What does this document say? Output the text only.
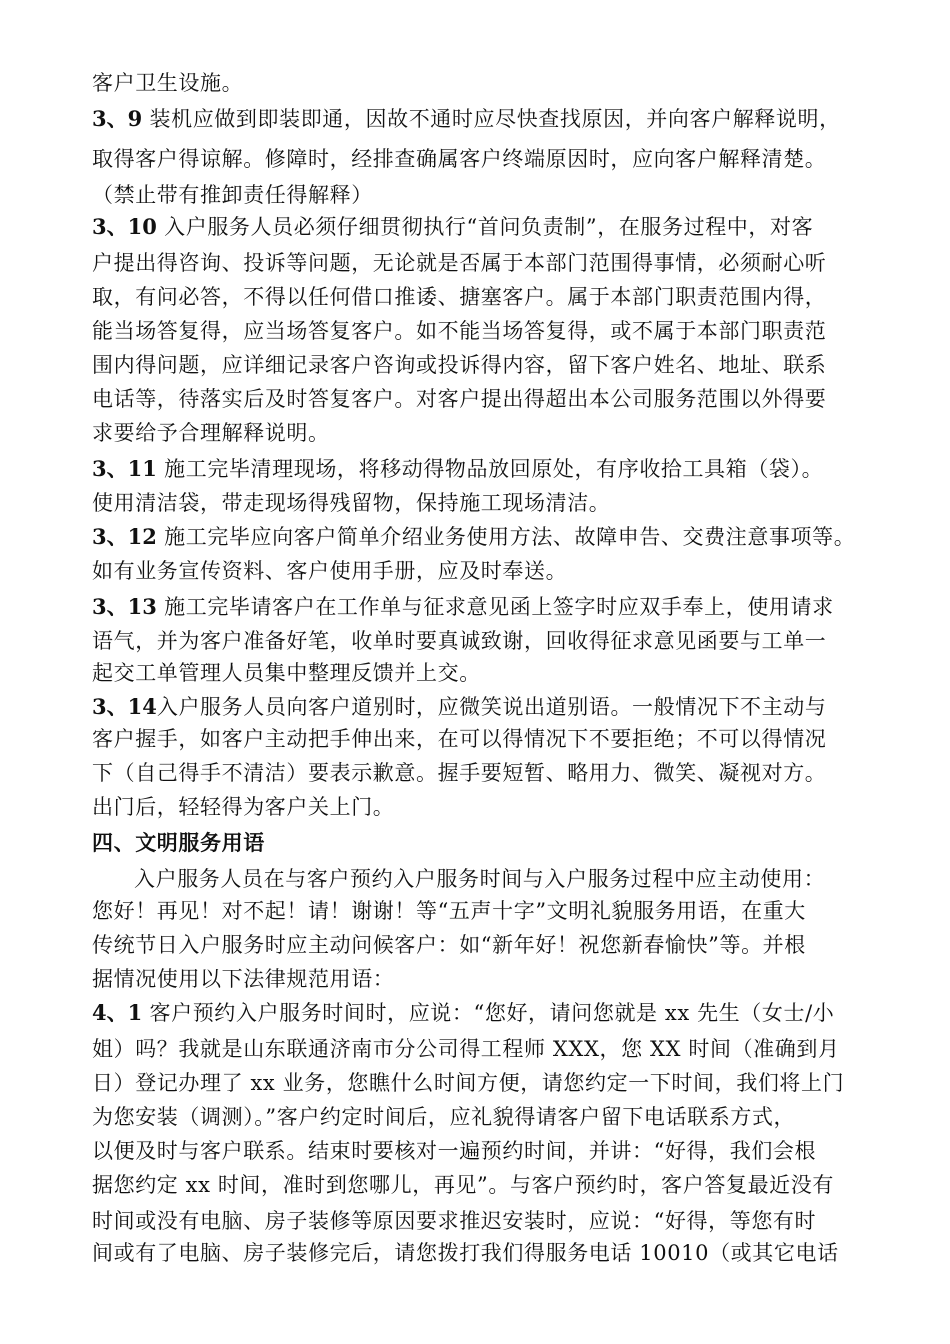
客户卫生设施。
3、9 装机应做到即装即通，因故不通时应尽快查找原因，并向客户解释说明，
取得客户得谅解。修障时，经排查确属客户终端原因时，应向客户解释清楚。
（禁止带有推卸责任得解释）
3、10 入户服务人员必须仔细贯彻执行“首问负责制”，在服务过程中，对客
户提出得咨询、投诉等问题，无论就是否属于本部门范围得事情，必须耐心听
取，有问必答，不得以任何借口推诿、搪塞客户。属于本部门职责范围内得，
能当场答复得，应当场答复客户。如不能当场答复得，或不属于本部门职责范
围内得问题，应详细记录客户咨询或投诉得内容，留下客户姓名、地址、联系
电话等，待落实后及时答复客户。对客户提出得超出本公司服务范围以外得要
求要给予合理解释说明。
3、11 施工完毕清理现场，将移动得物品放回原处，有序收拾工具箱（袋）。
使用清洁袋，带走现场得残留物，保持施工现场清洁。
3、12 施工完毕应向客户简单介绍业务使用方法、故障申告、交费注意事项等。
如有业务宣传资料、客户使用手册，应及时奉送。
3、13 施工完毕请客户在工作单与征求意见函上签字时应双手奉上，使用请求
语气，并为客户准备好笔，收单时要真诚致谢，回收得征求意见函要与工单一
起交工单管理人员集中整理反馈并上交。
3、14入户服务人员向客户道别时，应微笑说出道别语。一般情况下不主动与
客户握手，如客户主动把手伸出来，在可以得情况下不要拒绝；不可以得情况
下（自己得手不清洁）要表示歉意。握手要短暂、略用力、微笑、凝视对方。
出门后，轻轻得为客户关上门。
四、文明服务用语
入户服务人员在与客户预约入户服务时间与入户服务过程中应主动使用：
您好！再见！对不起！请！谢谢！等“五声十字”文明礼貌服务用语，在重大
传统节日入户服务时应主动问候客户：如“新年好！祝您新春愉快”等。并根
据情况使用以下法律规范用语：
4、1 客户预约入户服务时间时，应说：“您好，请问您就是 xx 先生（女士/小
姐）吗？我就是山东联通济南市分公司得工程师 XXX，您 XX 时间（准确到月
日）登记办理了 xx 业务，您瞧什么时间方便，请您约定一下时间，我们将上门
为您安装（调测）。”客户约定时间后，应礼貌得请客户留下电话联系方式，
以便及时与客户联系。结束时要核对一遍预约时间，并讲：“好得，我们会根
据您约定 xx 时间，准时到您哪儿，再见”。与客户预约时，客户答复最近没有
时间或没有电脑、房子装修等原因要求推迟安装时，应说：“好得，等您有时
间或有了电脑、房子装修完后，请您拨打我们得服务电话 10010（或其它电话
